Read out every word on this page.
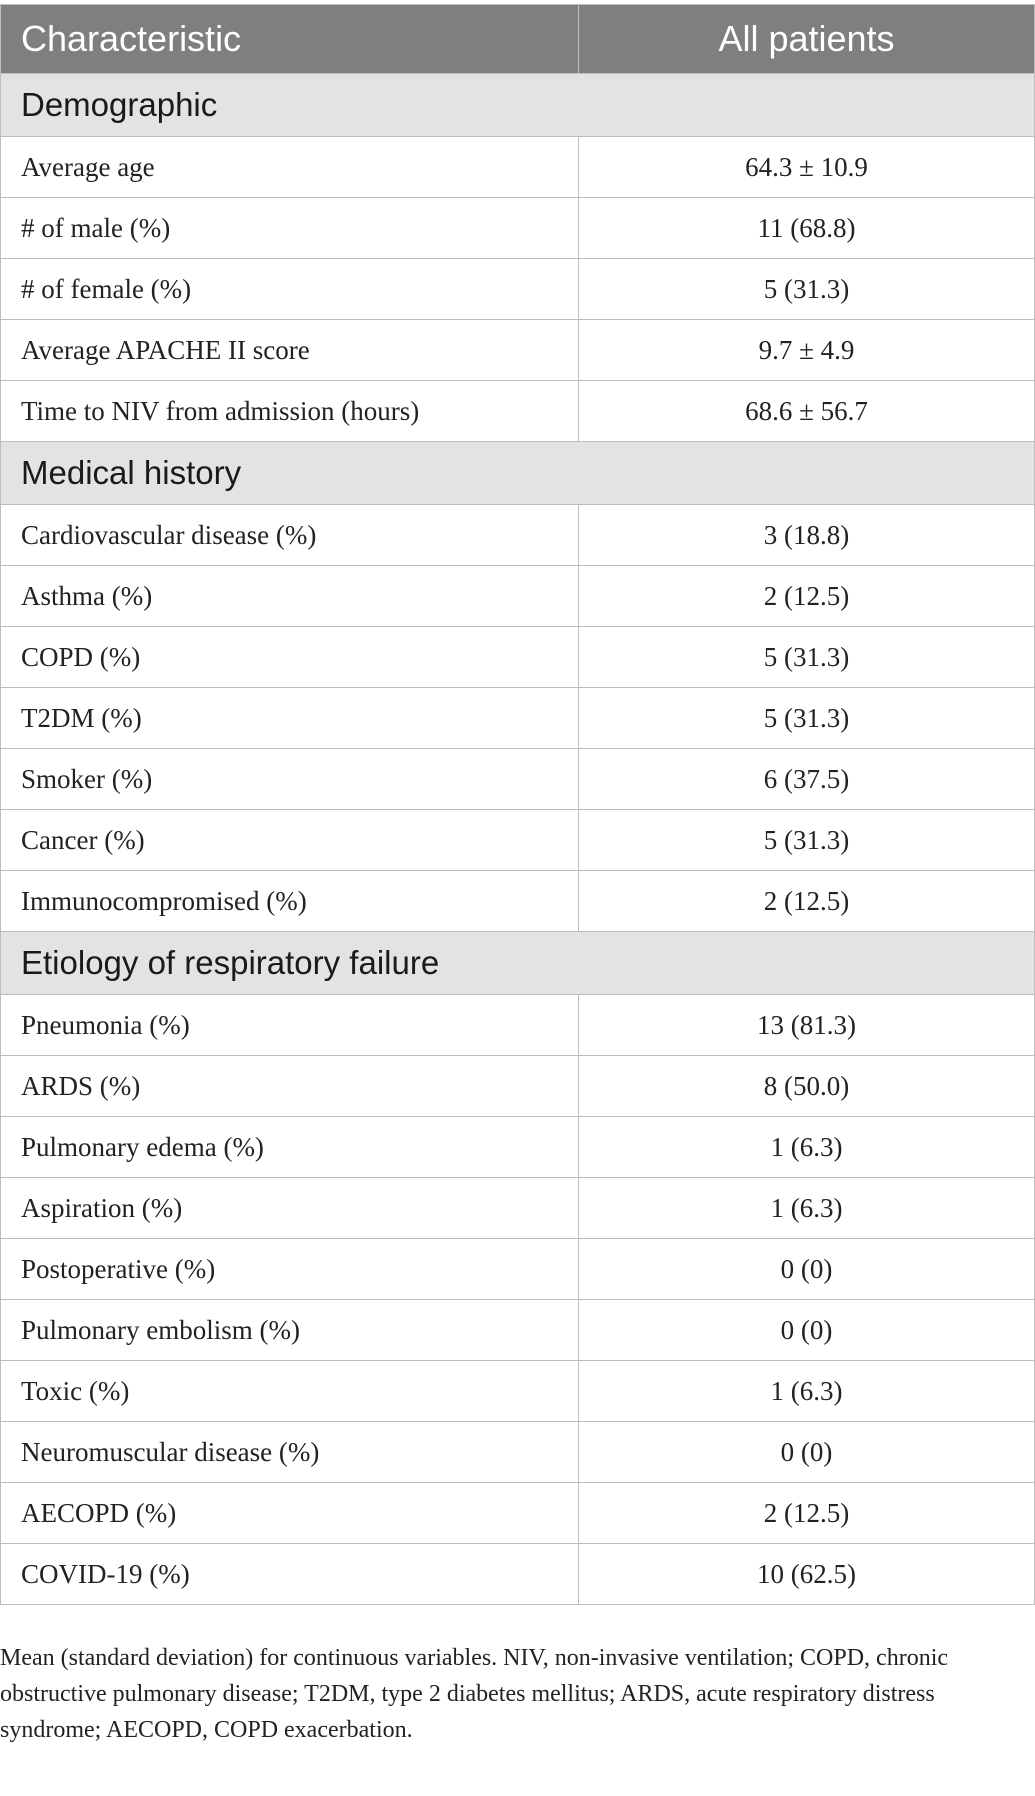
Characteristic	All patients
Demographic	
Average age	64.3 ± 10.9
# of male (%)	11 (68.8)
# of female (%)	5 (31.3)
Average APACHE II score	9.7 ± 4.9
Time to NIV from admission (hours)	68.6 ± 56.7
Medical history	
Cardiovascular disease (%)	3 (18.8)
Asthma (%)	2 (12.5)
COPD (%)	5 (31.3)
T2DM (%)	5 (31.3)
Smoker (%)	6 (37.5)
Cancer (%)	5 (31.3)
Immunocompromised (%)	2 (12.5)
Etiology of respiratory failure	
Pneumonia (%)	13 (81.3)
ARDS (%)	8 (50.0)
Pulmonary edema (%)	1 (6.3)
Aspiration (%)	1 (6.3)
Postoperative (%)	0 (0)
Pulmonary embolism (%)	0 (0)
Toxic (%)	1 (6.3)
Neuromuscular disease (%)	0 (0)
AECOPD (%)	2 (12.5)
COVID-19 (%)	10 (62.5)
Mean (standard deviation) for continuous variables. NIV, non-invasive ventilation; COPD, chronic obstructive pulmonary disease; T2DM, type 2 diabetes mellitus; ARDS, acute respiratory distress syndrome; AECOPD, COPD exacerbation.
